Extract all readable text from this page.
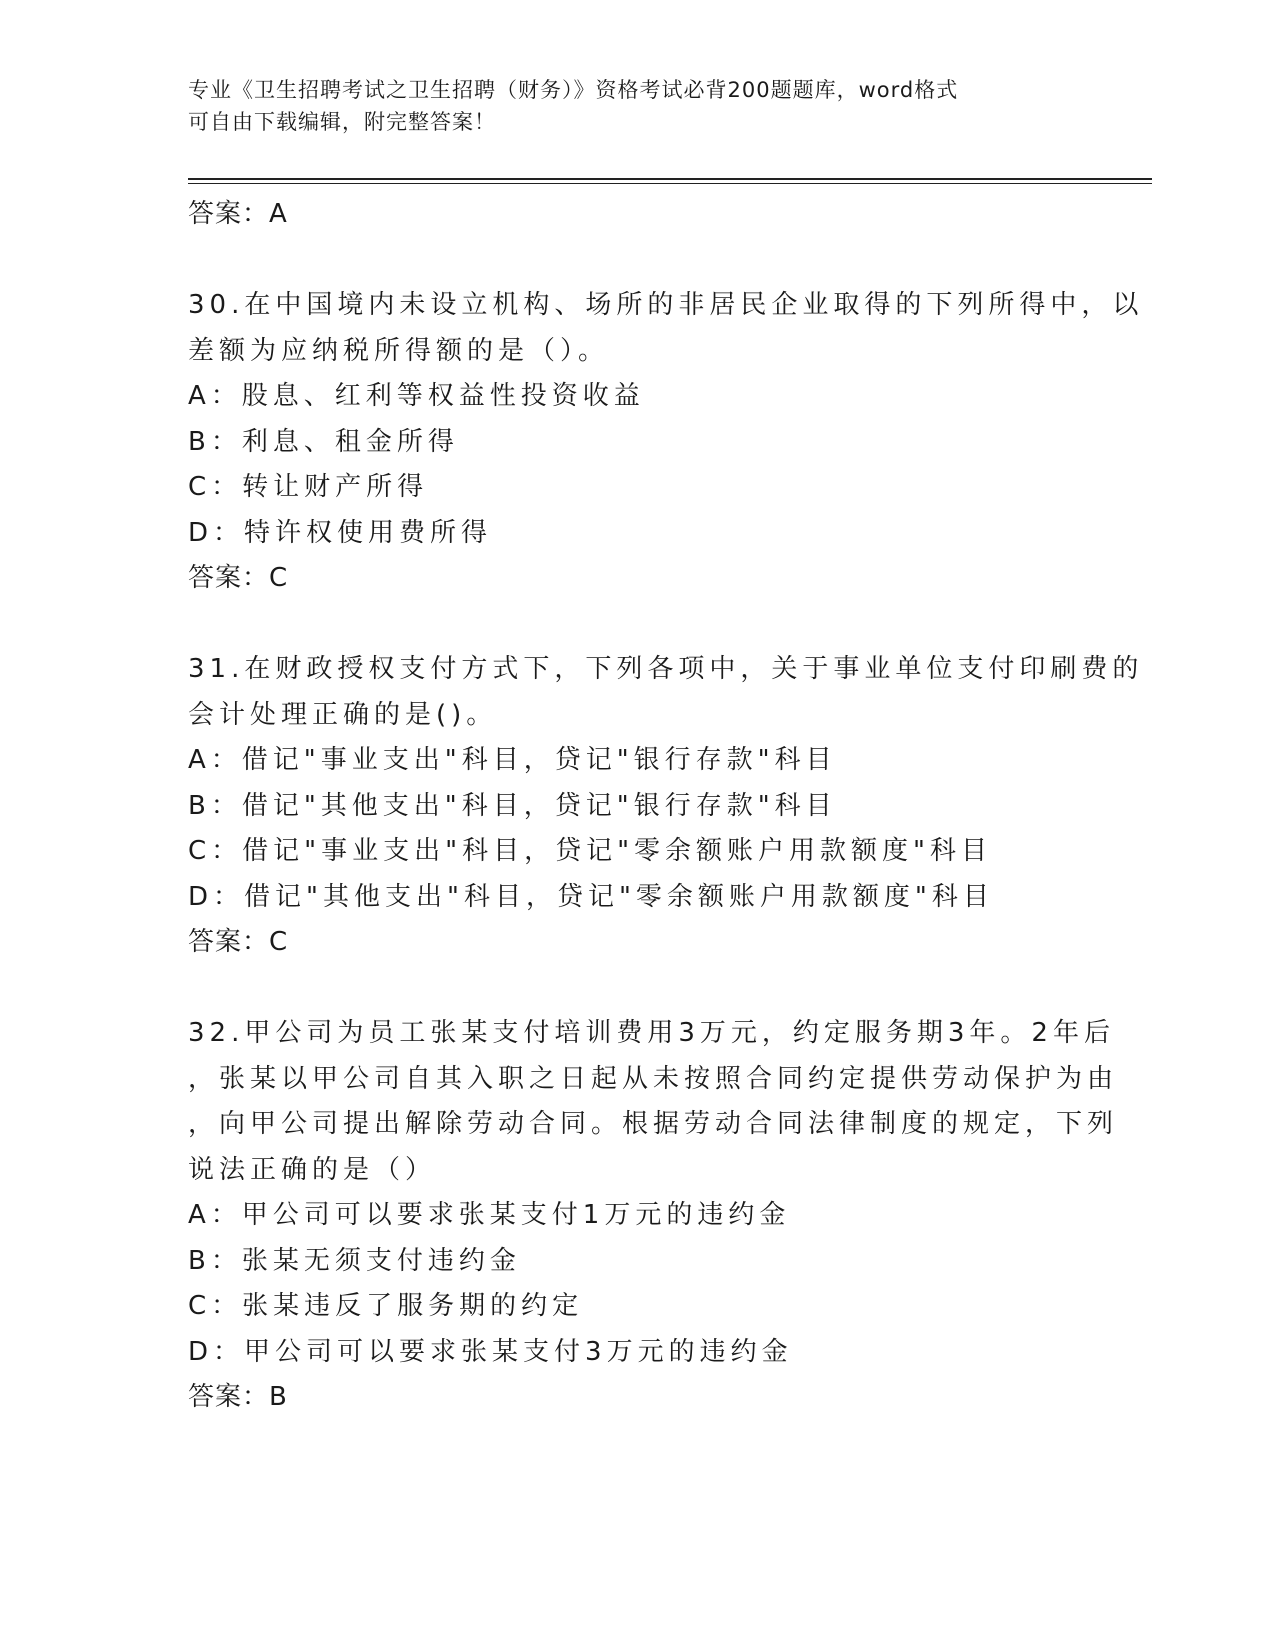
专业《卫生招聘考试之卫生招聘（财务）》资格考试必背200题题库，word格式
可自由下载编辑，附完整答案！
答案：A
30.在中国境内未设立机构、场所的非居民企业取得的下列所得中，以
差额为应纳税所得额的是（）。
A：股息、红利等权益性投资收益
B：利息、租金所得
C：转让财产所得
D：特许权使用费所得
答案：C
31.在财政授权支付方式下，下列各项中，关于事业单位支付印刷费的
会计处理正确的是()。
A：借记"事业支出"科目，贷记"银行存款"科目
B：借记"其他支出"科目，贷记"银行存款"科目
C：借记"事业支出"科目，贷记"零余额账户用款额度"科目
D：借记"其他支出"科目，贷记"零余额账户用款额度"科目
答案：C
32.甲公司为员工张某支付培训费用3万元，约定服务期3年。2年后
，张某以甲公司自其入职之日起从未按照合同约定提供劳动保护为由
，向甲公司提出解除劳动合同。根据劳动合同法律制度的规定，下列
说法正确的是（）
A：甲公司可以要求张某支付1万元的违约金
B：张某无须支付违约金
C：张某违反了服务期的约定
D：甲公司可以要求张某支付3万元的违约金
答案：B
